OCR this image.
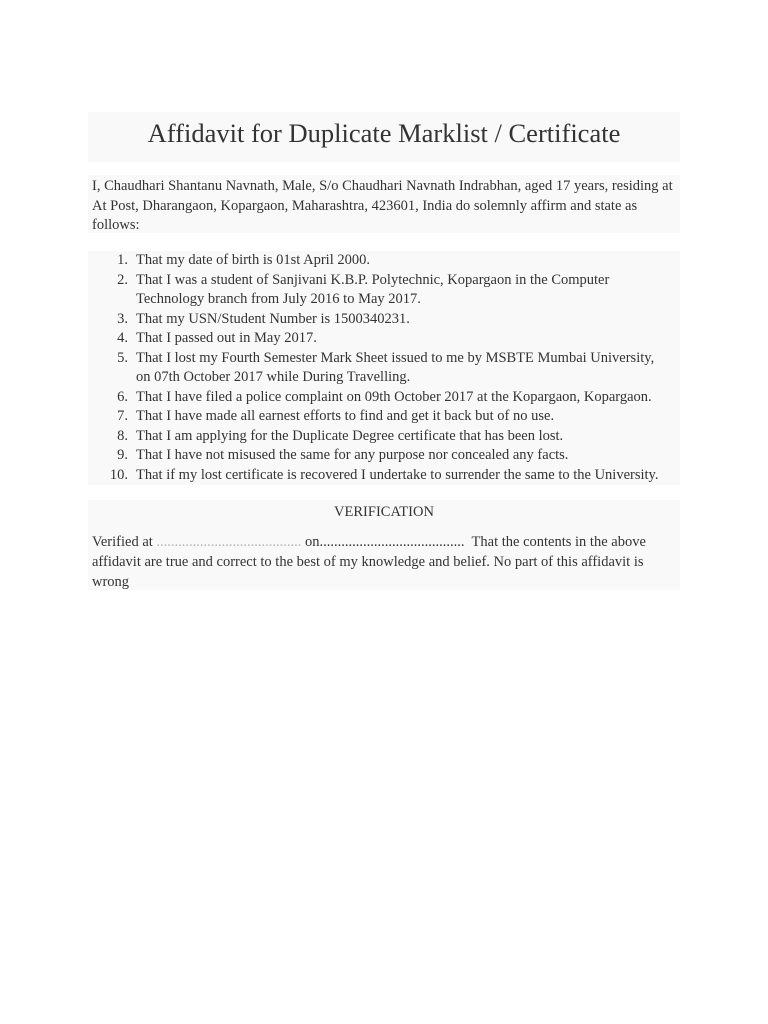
Affidavit for Duplicate Marklist / Certificate

I, Chaudhari Shantanu Navnath, Male, S/o Chaudhari Navnath Indrabhan, aged 17 years, residing at At Post, Dharangaon, Kopargaon, Maharashtra, 423601, India do solemnly affirm and state as follows:

1. That my date of birth is 01st April 2000.
2. That I was a student of Sanjivani K.B.P. Polytechnic, Kopargaon in the Computer Technology branch from July 2016 to May 2017.
3. That my USN/Student Number is 1500340231.
4. That I passed out in May 2017.
5. That I lost my Fourth Semester Mark Sheet issued to me by MSBTE Mumbai University, on 07th October 2017 while During Travelling.
6. That I have filed a police complaint on 09th October 2017 at the Kopargaon, Kopargaon.
7. That I have made all earnest efforts to find and get it back but of no use.
8. That I am applying for the Duplicate Degree certificate that has been lost.
9. That I have not misused the same for any purpose nor concealed any facts.
10. That if my lost certificate is recovered I undertake to surrender the same to the University.

VERIFICATION

Verified at ........................................ on........................................ That the contents in the above affidavit are true and correct to the best of my knowledge and belief. No part of this affidavit is wrong
